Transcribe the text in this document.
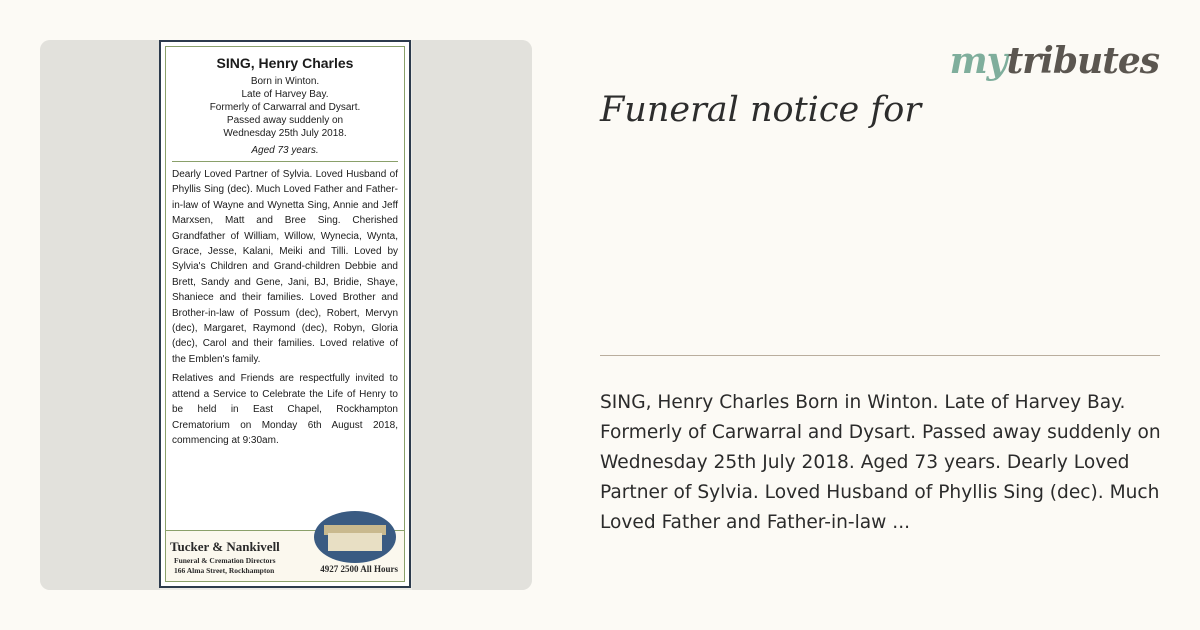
SING, Henry Charles

Born in Winton.

Late of Harvey Bay.

Formerly of Carwarral and Dysart.

Passed away suddenly on

Wednesday 25th July 2018.

Aged 73 years.

Dearly Loved Partner of Sylvia. Loved Husband of Phyllis Sing (dec). Much Loved Father and Father-in-law of Wayne and Wynetta Sing, Annie and Jeff Marxsen, Matt and Bree Sing. Cherished Grandfather of William, Willow, Wynecia, Wynta, Grace, Jesse, Kalani, Meiki and Tilli. Loved by Sylvia's Children and Grand-children Debbie and Brett, Sandy and Gene, Jani, BJ, Bridie, Shaye, Shaniece and their families. Loved Brother and Brother-in-law of Possum (dec), Robert, Mervyn (dec), Margaret, Raymond (dec), Robyn, Gloria (dec), Carol and their families. Loved relative of the Emblen's family.

Relatives and Friends are respectfully invited to attend a Service to Celebrate the Life of Henry to be held in East Chapel, Rockhampton Crematorium on Monday 6th August 2018, commencing at 9:30am.

Tucker & Nankivell
Funeral & Cremation Directors
166 Alma Street, Rockhampton	4927 2500 All Hours
mytributes
Funeral notice for

SING, Henry Charles Born in Winton. Late of Harvey Bay. Formerly of Carwarral and Dysart. Passed away suddenly on Wednesday 25th July 2018. Aged 73 years. Dearly Loved Partner of Sylvia. Loved Husband of Phyllis Sing (dec). Much Loved Father and Father-in-law ...
